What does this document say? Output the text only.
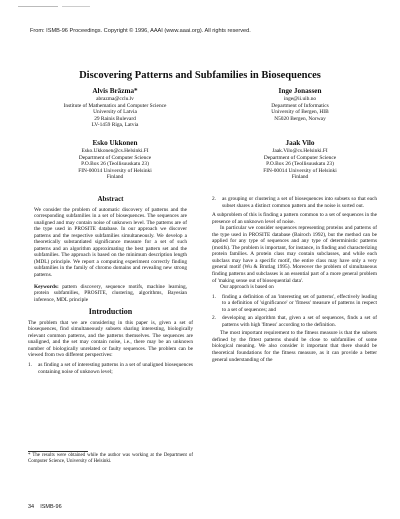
From: ISMB-96 Proceedings. Copyright © 1996, AAAI (www.aaai.org). All rights reserved.
Discovering Patterns and Subfamilies in Biosequences
Alvis Brāzma*
abrazma@cclu.lv
Institute of Mathematics and Computer Science
University of Latvia
29 Rainis Bulevard
LV-1459 Riga, Latvia
Inge Jonassen
inge@ii.uib.no
Department of Informatics
University of Bergen, HIB
N5020 Bergen, Norway
Esko Ukkonen
Esko.Ukkonen@cs.Helsinki.FI
Department of Computer Science
P.O.Box 26 (Teollisuuskatu 23)
FIN-00014 University of Helsinki
Finland
Jaak Vilo
Jaak.Vilo@cs.Helsinki.FI
Department of Computer Science
P.O.Box 26 (Teollisuuskatu 23)
FIN-00014 University of Helsinki
Finland
Abstract

We consider the problem of automatic discovery of patterns and the corresponding subfamilies in a set of biosequences. The sequences are unaligned and may contain noise of unknown level. The patterns are of the type used in PROSITE database. In our approach we discover patterns and the respective subfamilies simultaneously. We develop a theoretically substantiated significance measure for a set of such patterns and an algorithm approximating the best pattern set and the subfamilies. The approach is based on the minimum description length (MDL) principle. We report a computing experiment correctly finding subfamilies in the family of chromo domains and revealing new strong patterns.

Keywords: pattern discovery, sequence motifs, machine learning, protein subfamilies, PROSITE, clustering, algorithms, Bayesian inference, MDL principle

Introduction

The problem that we are considering in this paper is, given a set of biosequences, find simultaneously subsets sharing interesting, biologically relevant common patterns, and the patterns themselves. The sequences are unaligned, and the set may contain noise, i.e., there may be an unknown number of biologically unrelated or faulty sequences. The problem can be viewed from two different perspectives:

1.	as finding a set of interesting patterns in a set of unaligned biosequences containing noise of unknown level;
* The results were obtained while the author was working at the Department of Computer Science, University of Helsinki.
2.	as grouping or clustering a set of biosequences into subsets so that each subset shares a distinct common pattern and the noise is sorted out.

A subproblem of this is finding a pattern common to a set of sequences in the presence of an unknown level of noise.

In particular we consider sequences representing proteins and patterns of the type used in PROSITE database (Bairoch 1992), but the method can be applied for any type of sequences and any type of deterministic patterns (motifs). The problem is important, for instance, in finding and characterizing protein families. A protein class may contain subclasses, and while each subclass may have a specific motif, the entire class may have only a very general motif (Wu & Brutlag 1995). Moreover the problem of simultaneous finding patterns and subclasses is an essential part of a more general problem of 'making sense out of biosequential data'.

Our approach is based on

1.	finding a definition of an 'interesting set of patterns', effectively leading to a definition of 'significance' or 'fitness' measure of patterns in respect to a set of sequences; and
2.	developing an algorithm that, given a set of sequences, finds a set of patterns with high 'fitness' according to the definition.

The most important requirement to the fitness measure is that the subsets defined by the fittest patterns should be close to subfamilies of some biological meaning. We also consider it important that there should be theoretical foundations for the fitness measure, as it can provide a better general understanding of the

34    ISMB-96
